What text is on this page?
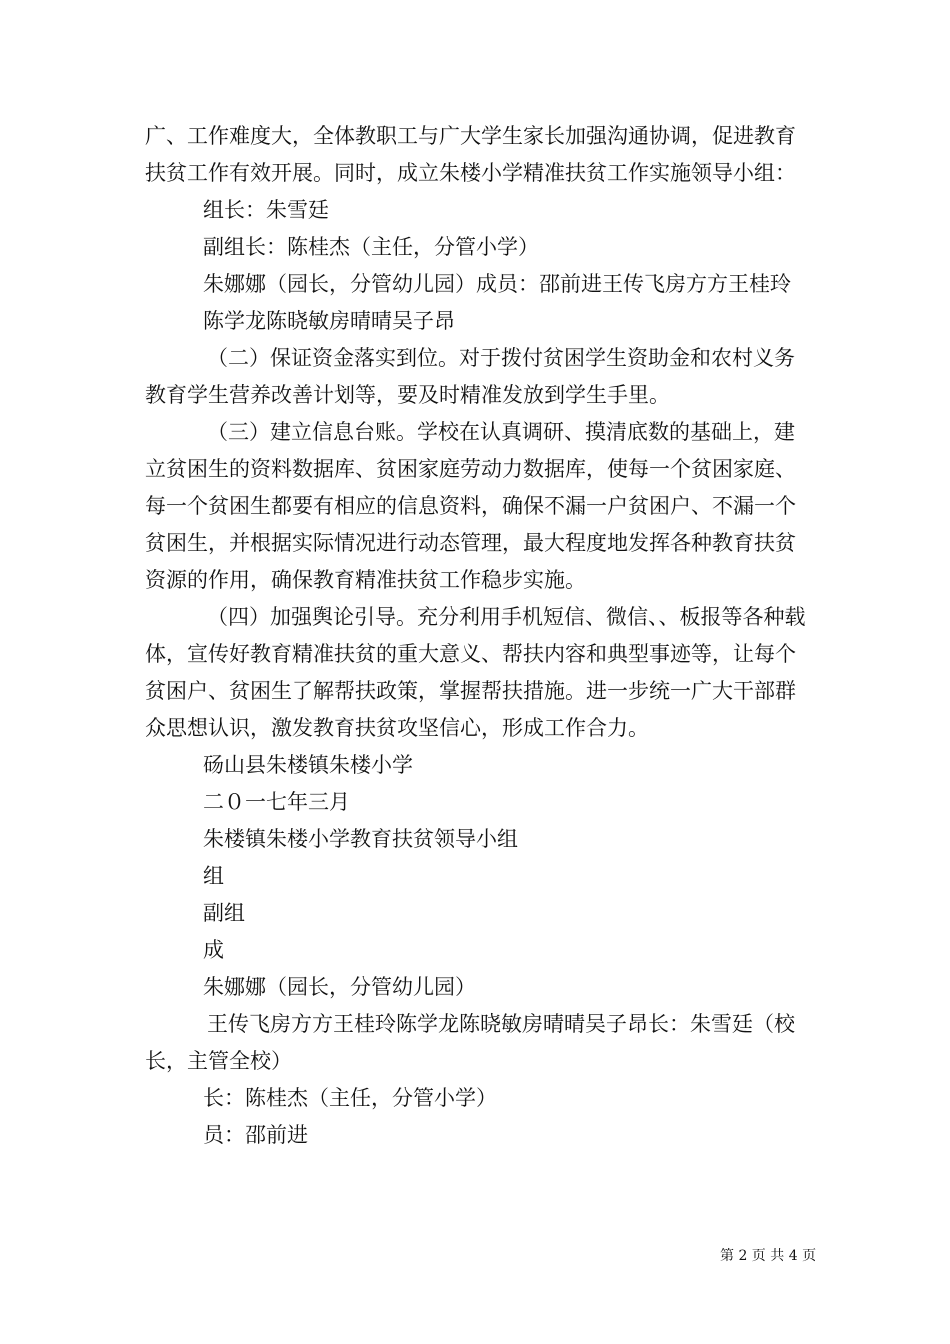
广、工作难度大，全体教职工与广大学生家长加强沟通协调，促进教育扶贫工作有效开展。同时，成立朱楼小学精准扶贫工作实施领导小组：

组长：朱雪廷

副组长：陈桂杰（主任，分管小学）

朱娜娜（园长，分管幼儿园）成员：邵前进王传飞房方方王桂玲

陈学龙陈晓敏房晴晴吴子昂

（二）保证资金落实到位。对于拨付贫困学生资助金和农村义务教育学生营养改善计划等，要及时精准发放到学生手里。

（三）建立信息台账。学校在认真调研、摸清底数的基础上，建立贫困生的资料数据库、贫困家庭劳动力数据库，使每一个贫困家庭、每一个贫困生都要有相应的信息资料，确保不漏一户贫困户、不漏一个贫困生，并根据实际情况进行动态管理，最大程度地发挥各种教育扶贫资源的作用，确保教育精准扶贫工作稳步实施。

（四）加强舆论引导。充分利用手机短信、微信、、板报等各种载体，宣传好教育精准扶贫的重大意义、帮扶内容和典型事迹等，让每个贫困户、贫困生了解帮扶政策，掌握帮扶措施。进一步统一广大干部群众思想认识，激发教育扶贫攻坚信心，形成工作合力。

砀山县朱楼镇朱楼小学

二０一七年三月

朱楼镇朱楼小学教育扶贫领导小组

组

副组

成

朱娜娜（园长，分管幼儿园）

王传飞房方方王桂玲陈学龙陈晓敏房晴晴吴子昂长：朱雪廷（校长，主管全校）

长：陈桂杰（主任，分管小学）

员：邵前进

第 2 页 共 4 页
